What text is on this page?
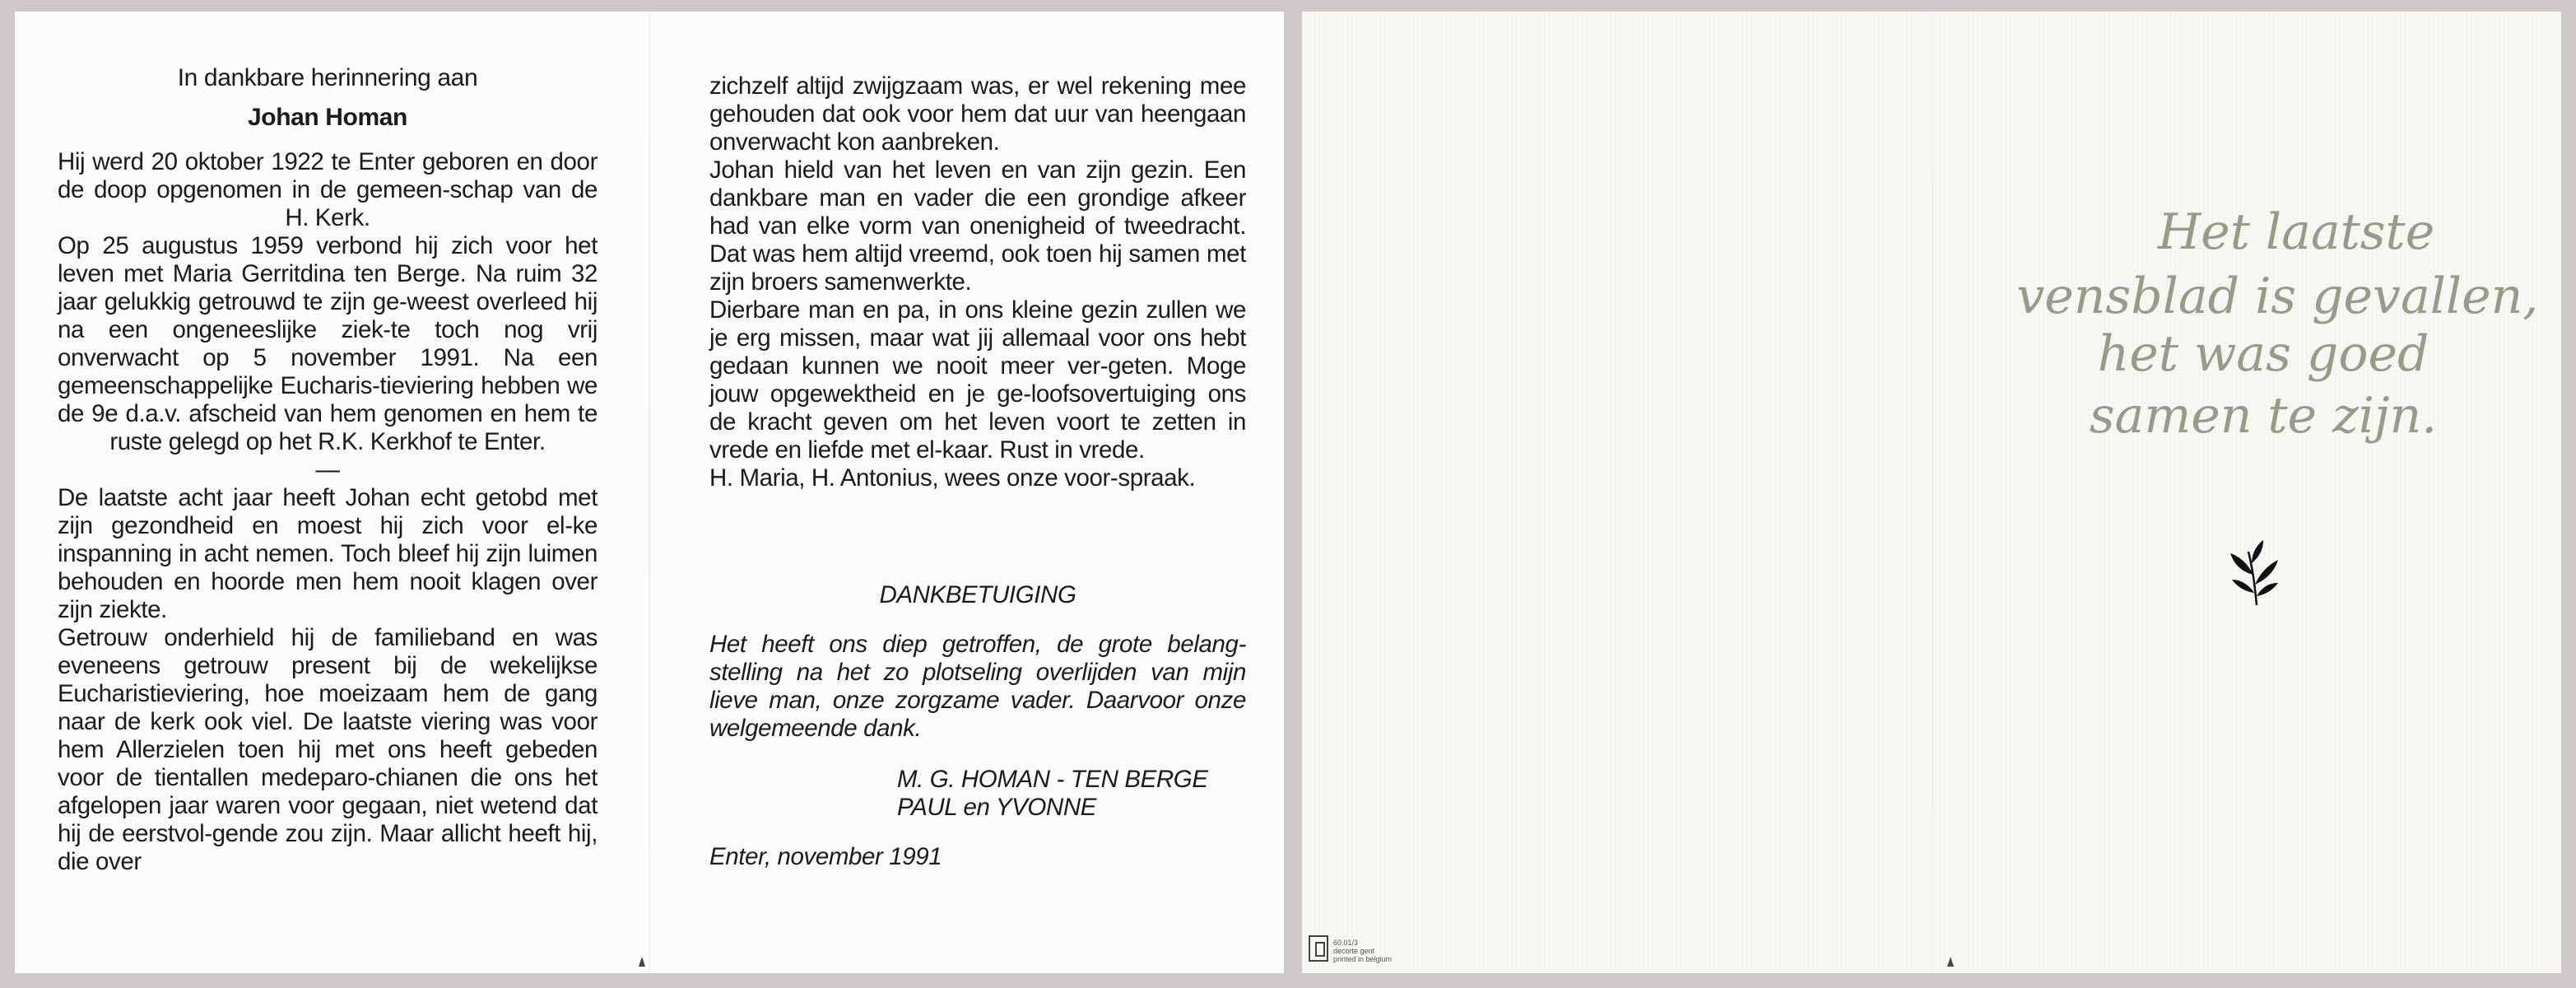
In dankbare herinnering aan
Johan Homan

Hij werd 20 oktober 1922 te Enter geboren en door de doop opgenomen in de gemeen-schap van de H. Kerk.

Op 25 augustus 1959 verbond hij zich voor het leven met Maria Gerritdina ten Berge. Na ruim 32 jaar gelukkig getrouwd te zijn ge-weest overleed hij na een ongeneeslijke ziek-te toch nog vrij onverwacht op 5 november 1991. Na een gemeenschappelijke Eucharis-tieviering hebben we de 9e d.a.v. afscheid van hem genomen en hem te ruste gelegd op het R.K. Kerkhof te Enter.

—

De laatste acht jaar heeft Johan echt getobd met zijn gezondheid en moest hij zich voor el-ke inspanning in acht nemen. Toch bleef hij zijn luimen behouden en hoorde men hem nooit klagen over zijn ziekte.

Getrouw onderhield hij de familieband en was eveneens getrouw present bij de wekelijkse Eucharistieviering, hoe moeizaam hem de gang naar de kerk ook viel. De laatste viering was voor hem Allerzielen toen hij met ons heeft gebeden voor de tientallen medeparo-chianen die ons het afgelopen jaar waren voor gegaan, niet wetend dat hij de eerstvol-gende zou zijn. Maar allicht heeft hij, die over

zichzelf altijd zwijgzaam was, er wel rekening mee gehouden dat ook voor hem dat uur van heengaan onverwacht kon aanbreken.

Johan hield van het leven en van zijn gezin. Een dankbare man en vader die een grondige afkeer had van elke vorm van onenigheid of tweedracht. Dat was hem altijd vreemd, ook toen hij samen met zijn broers samenwerkte.

Dierbare man en pa, in ons kleine gezin zullen we je erg missen, maar wat jij allemaal voor ons hebt gedaan kunnen we nooit meer ver-geten. Moge jouw opgewektheid en je ge-loofsovertuiging ons de kracht geven om het leven voort te zetten in vrede en liefde met el-kaar. Rust in vrede.

H. Maria, H. Antonius, wees onze voor-spraak.

DANKBETUIGING

Het heeft ons diep getroffen, de grote belang-stelling na het zo plotseling overlijden van mijn lieve man, onze zorgzame vader. Daarvoor onze welgemeende dank.

M. G. HOMAN - TEN BERGE
PAUL en YVONNE
Enter, november 1991
Het laatste
levensblad is gevallen,
het was goed
samen te zijn.
60.01/3
decorte gent
printed in belgium
